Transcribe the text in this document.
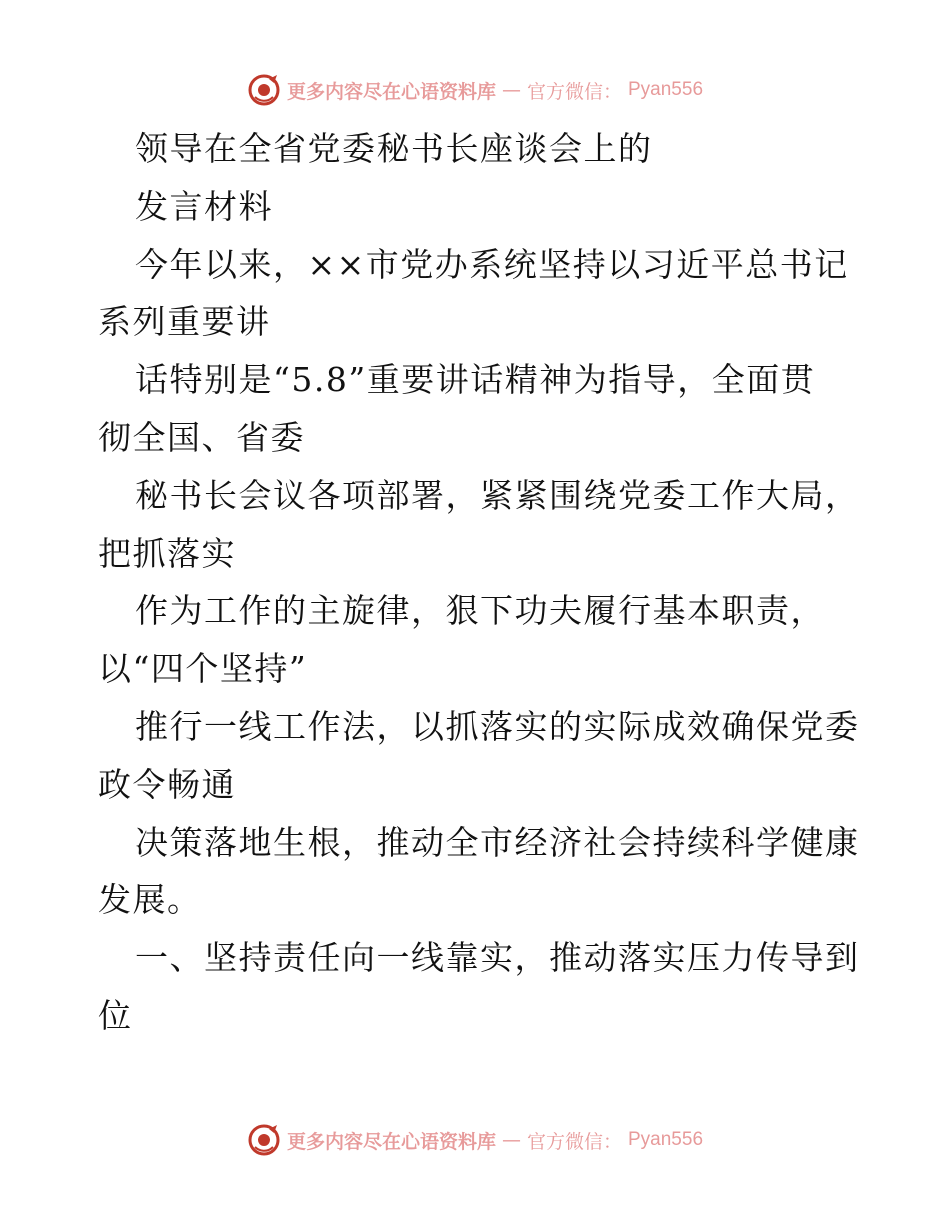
更多内容尽在心语资料库 — 官方微信： Pyan556
领导在全省党委秘书长座谈会上的
发言材料
今年以来，××市党办系统坚持以习近平总书记
系列重要讲
话特别是“5.8”重要讲话精神为指导，全面贯
彻全国、省委
秘书长会议各项部署，紧紧围绕党委工作大局，
把抓落实
作为工作的主旋律，狠下功夫履行基本职责，
以“四个坚持”
推行一线工作法，以抓落实的实际成效确保党委
政令畅通
决策落地生根，推动全市经济社会持续科学健康
发展。
一、坚持责任向一线靠实，推动落实压力传导到
位
更多内容尽在心语资料库 — 官方微信： Pyan556
